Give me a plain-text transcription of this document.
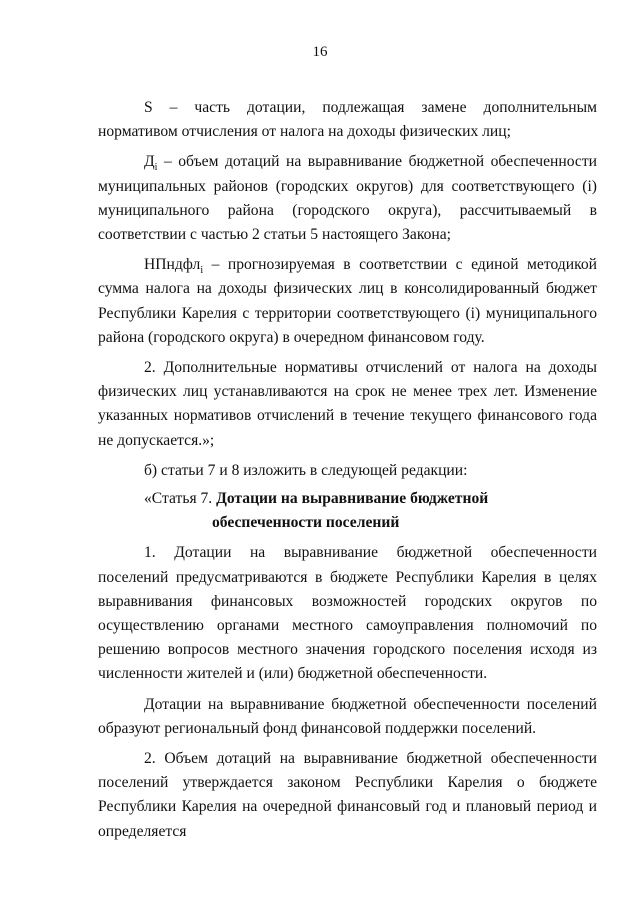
16

S – часть дотации, подлежащая замене дополнительным нормативом отчисления от налога на доходы физических лиц;

$Д_i$ – объем дотаций на выравнивание бюджетной обеспеченности муниципальных районов (городских округов) для соответствующего (i) муниципального района (городского округа), рассчитываемый в соответствии с частью 2 статьи 5 настоящего Закона;

НПндфл$_i$ – прогнозируемая в соответствии с единой методикой сумма налога на доходы физических лиц в консолидированный бюджет Республики Карелия с территории соответствующего (i) муниципального района (городского округа) в очередном финансовом году.

2. Дополнительные нормативы отчислений от налога на доходы физических лиц устанавливаются на срок не менее трех лет. Изменение указанных нормативов отчислений в течение текущего финансового года не допускается.»;

б) статьи 7 и 8 изложить в следующей редакции:

«Статья 7. Дотации на выравнивание бюджетной

обеспеченности поселений

1. Дотации на выравнивание бюджетной обеспеченности поселений предусматриваются в бюджете Республики Карелия в целях выравнивания финансовых возможностей городских округов по осуществлению органами местного самоуправления полномочий по решению вопросов местного значения городского поселения исходя из численности жителей и (или) бюджетной обеспеченности.

Дотации на выравнивание бюджетной обеспеченности поселений образуют региональный фонд финансовой поддержки поселений.

2. Объем дотаций на выравнивание бюджетной обеспеченности поселений утверждается законом Республики Карелия о бюджете Республики Карелия на очередной финансовый год и плановый период и определяется
